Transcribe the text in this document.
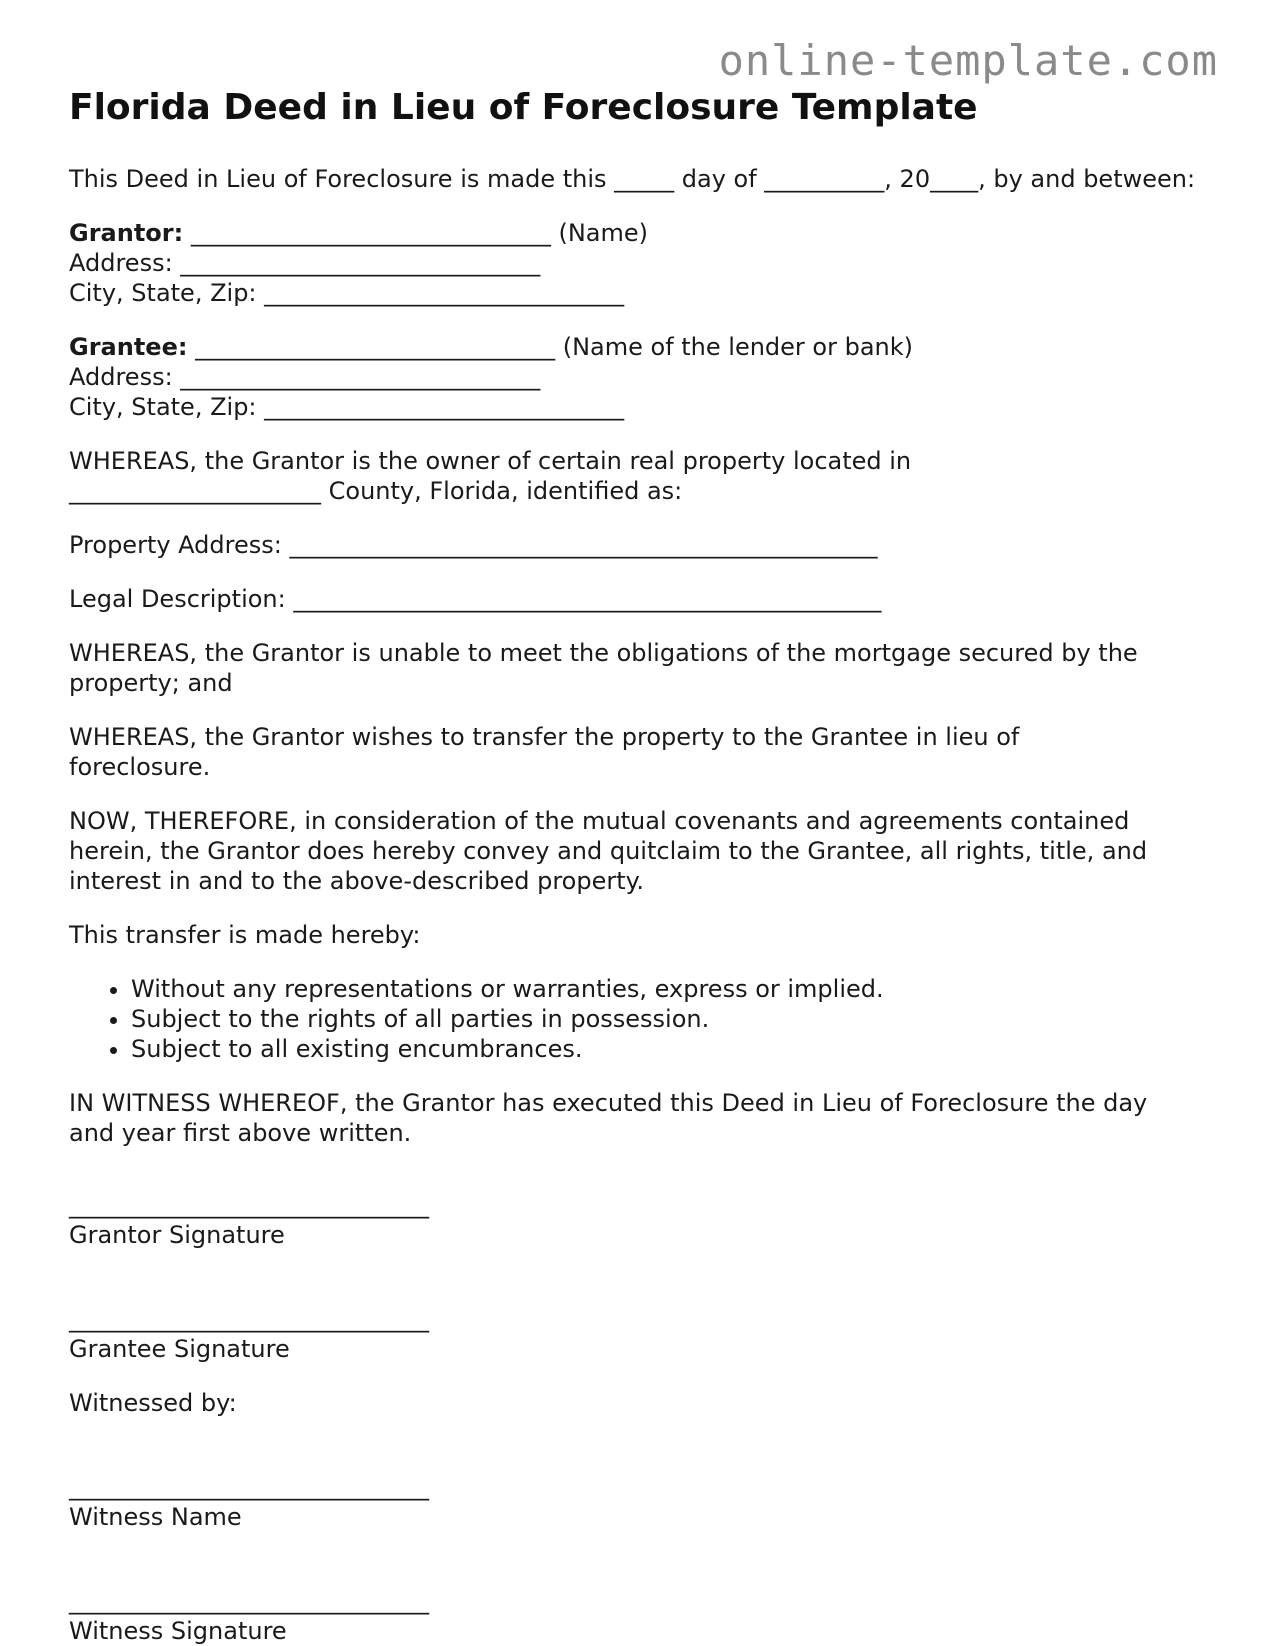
online-template.com
Florida Deed in Lieu of Foreclosure Template

This Deed in Lieu of Foreclosure is made this _____ day of __________, 20____, by and between:

Grantor: ______________________________ (Name)
Address: ______________________________
City, State, Zip: ______________________________
Grantee: ______________________________ (Name of the lender or bank)
Address: ______________________________
City, State, Zip: ______________________________

WHEREAS, the Grantor is the owner of certain real property located in _____________________ County, Florida, identified as:

Property Address: _________________________________________________

Legal Description: _________________________________________________

WHEREAS, the Grantor is unable to meet the obligations of the mortgage secured by the property; and

WHEREAS, the Grantor wishes to transfer the property to the Grantee in lieu of foreclosure.

NOW, THEREFORE, in consideration of the mutual covenants and agreements contained herein, the Grantor does hereby convey and quitclaim to the Grantee, all rights, title, and interest in and to the above-described property.

This transfer is made hereby:

• Without any representations or warranties, express or implied.
• Subject to the rights of all parties in possession.
• Subject to all existing encumbrances.

IN WITNESS WHEREOF, the Grantor has executed this Deed in Lieu of Foreclosure the day and year first above written.

______________________________
Grantor Signature
______________________________
Grantee Signature

Witnessed by:

______________________________
Witness Name
______________________________
Witness Signature
